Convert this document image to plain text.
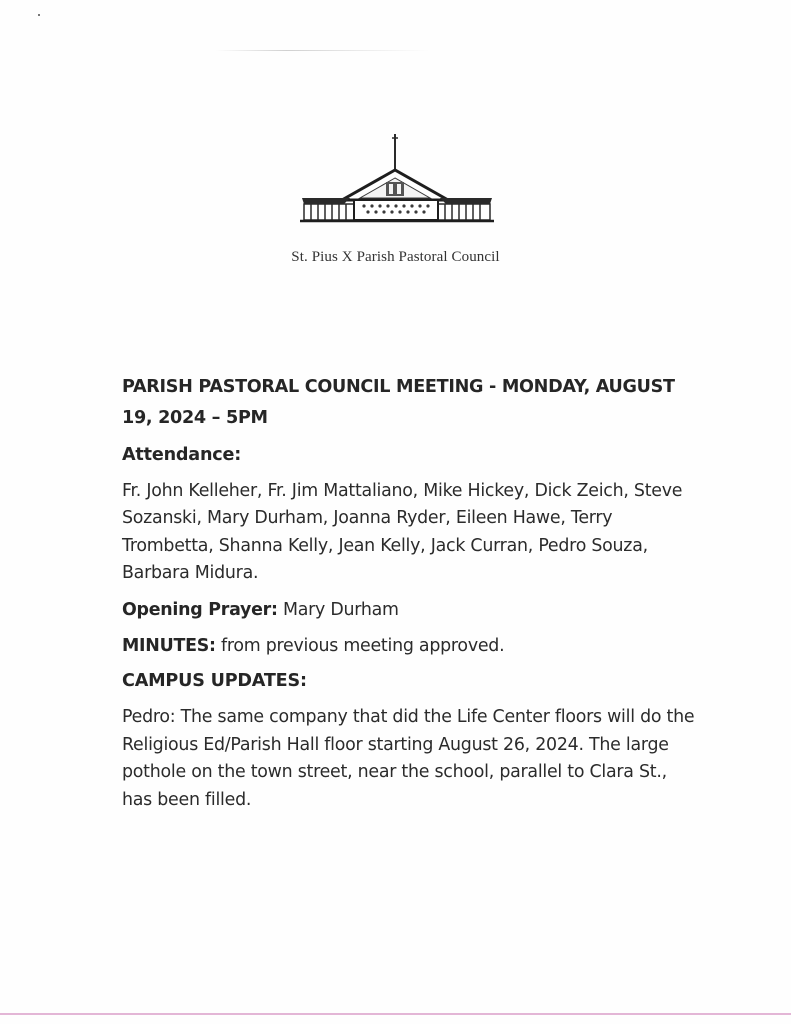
St. Pius X Parish Pastoral Council
PARISH PASTORAL COUNCIL MEETING - MONDAY, AUGUST 19, 2024 – 5PM
Attendance:
Fr. John Kelleher, Fr. Jim Mattaliano, Mike Hickey, Dick Zeich, Steve Sozanski, Mary Durham, Joanna Ryder, Eileen Hawe, Terry Trombetta, Shanna Kelly, Jean Kelly, Jack Curran, Pedro Souza, Barbara Midura.
Opening Prayer: Mary Durham
MINUTES: from previous meeting approved.
CAMPUS UPDATES:
Pedro: The same company that did the Life Center floors will do the Religious Ed/Parish Hall floor starting August 26, 2024. The large pothole on the town street, near the school, parallel to Clara St., has been filled.
